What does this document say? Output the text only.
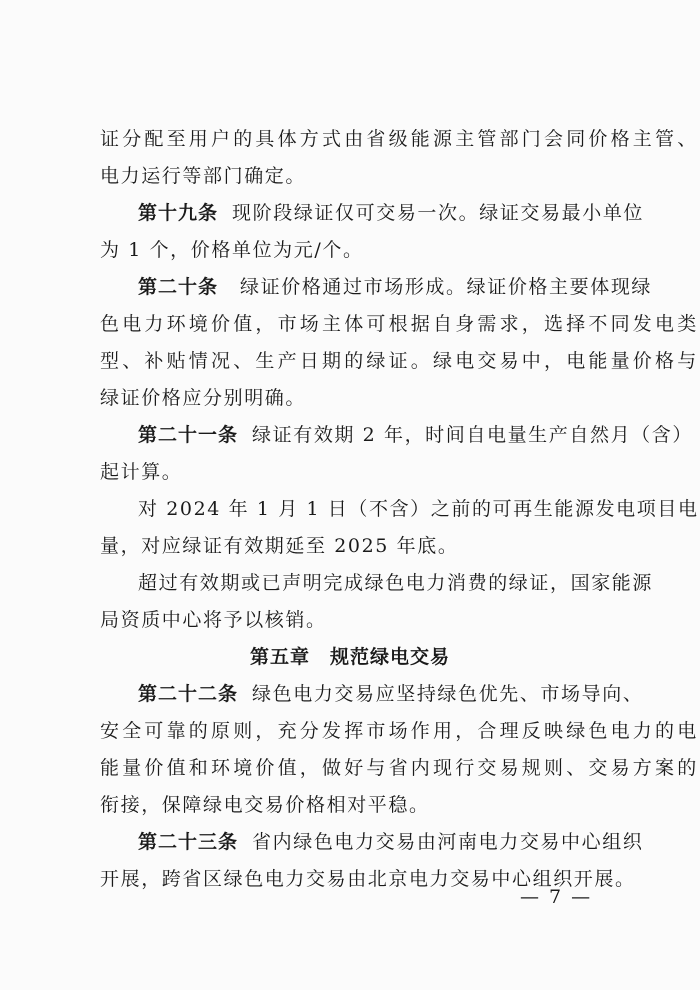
证分配至用户的具体方式由省级能源主管部门会同价格主管、
电力运行等部门确定。
第十九条 现阶段绿证仅可交易一次。绿证交易最小单位
为 1 个，价格单位为元/个。
第二十条 绿证价格通过市场形成。绿证价格主要体现绿
色电力环境价值，市场主体可根据自身需求，选择不同发电类
型、补贴情况、生产日期的绿证。绿电交易中，电能量价格与
绿证价格应分别明确。
第二十一条 绿证有效期 2 年，时间自电量生产自然月（含）
起计算。
对 2024 年 1 月 1 日（不含）之前的可再生能源发电项目电
量，对应绿证有效期延至 2025 年底。
超过有效期或已声明完成绿色电力消费的绿证，国家能源
局资质中心将予以核销。
第五章　规范绿电交易
第二十二条 绿色电力交易应坚持绿色优先、市场导向、
安全可靠的原则，充分发挥市场作用，合理反映绿色电力的电
能量价值和环境价值，做好与省内现行交易规则、交易方案的
衔接，保障绿电交易价格相对平稳。
第二十三条 省内绿色电力交易由河南电力交易中心组织
开展，跨省区绿色电力交易由北京电力交易中心组织开展。
— 7 —
